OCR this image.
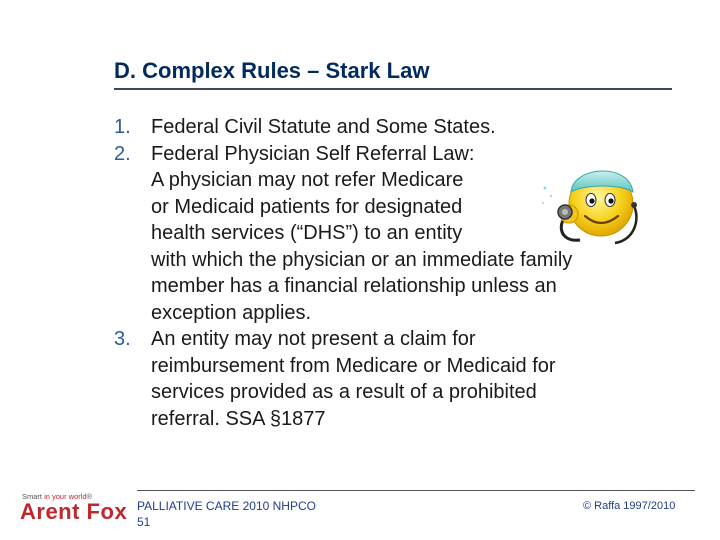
D. Complex Rules – Stark Law
1.	Federal Civil Statute and Some States.
2.	Federal Physician Self Referral Law:
A physician may not refer Medicare
or Medicaid patients for designated
health services (“DHS”) to an entity
with which the physician or an immediate family
member has a financial relationship unless an
exception applies.
3.	An entity may not present a claim for
reimbursement from Medicare or Medicaid for
services provided as a result of a prohibited
referral. SSA §1877
PALLIATIVE CARE 2010 NHPCO
51
© Raffa 1997/2010
Smart in your world®
Arent Fox
